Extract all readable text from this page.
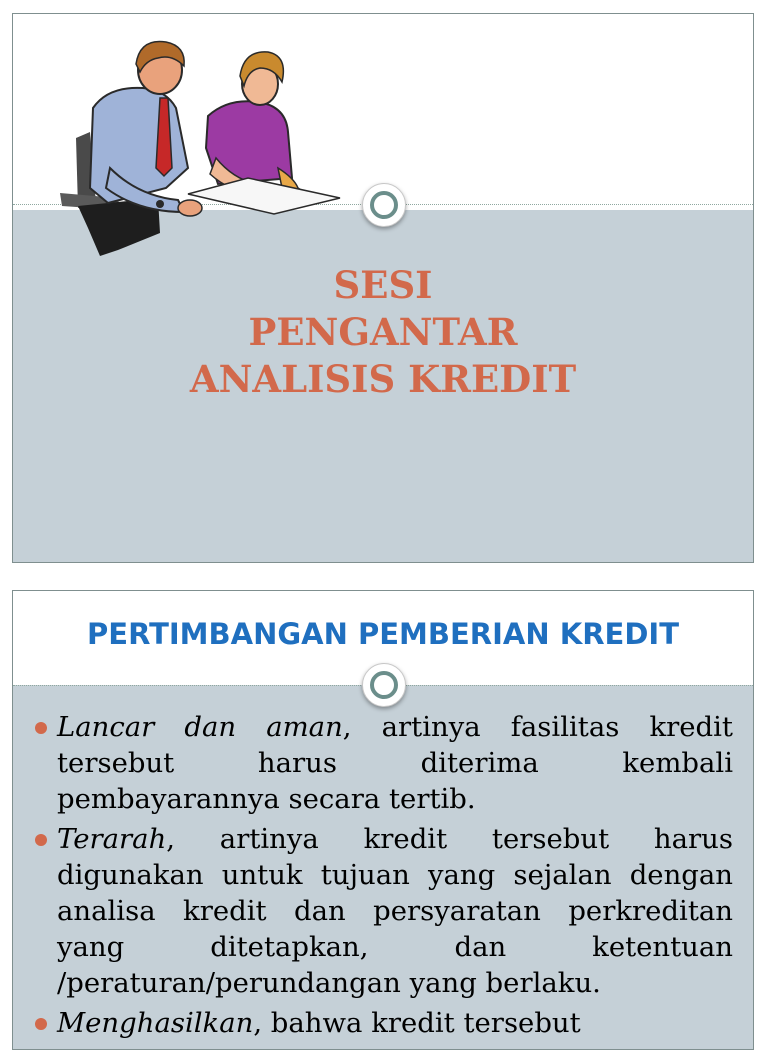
SESI
PENGANTAR
ANALISIS KREDIT
PERTIMBANGAN PEMBERIAN KREDIT
Lancar dan aman, artinya fasilitas kredit tersebut harus diterima kembali pembayarannya secara tertib.
Terarah, artinya kredit tersebut harus digunakan untuk tujuan yang sejalan dengan analisa kredit dan persyaratan perkreditan yang ditetapkan, dan ketentuan /peraturan/perundangan yang berlaku.
Menghasilkan, bahwa kredit tersebut
